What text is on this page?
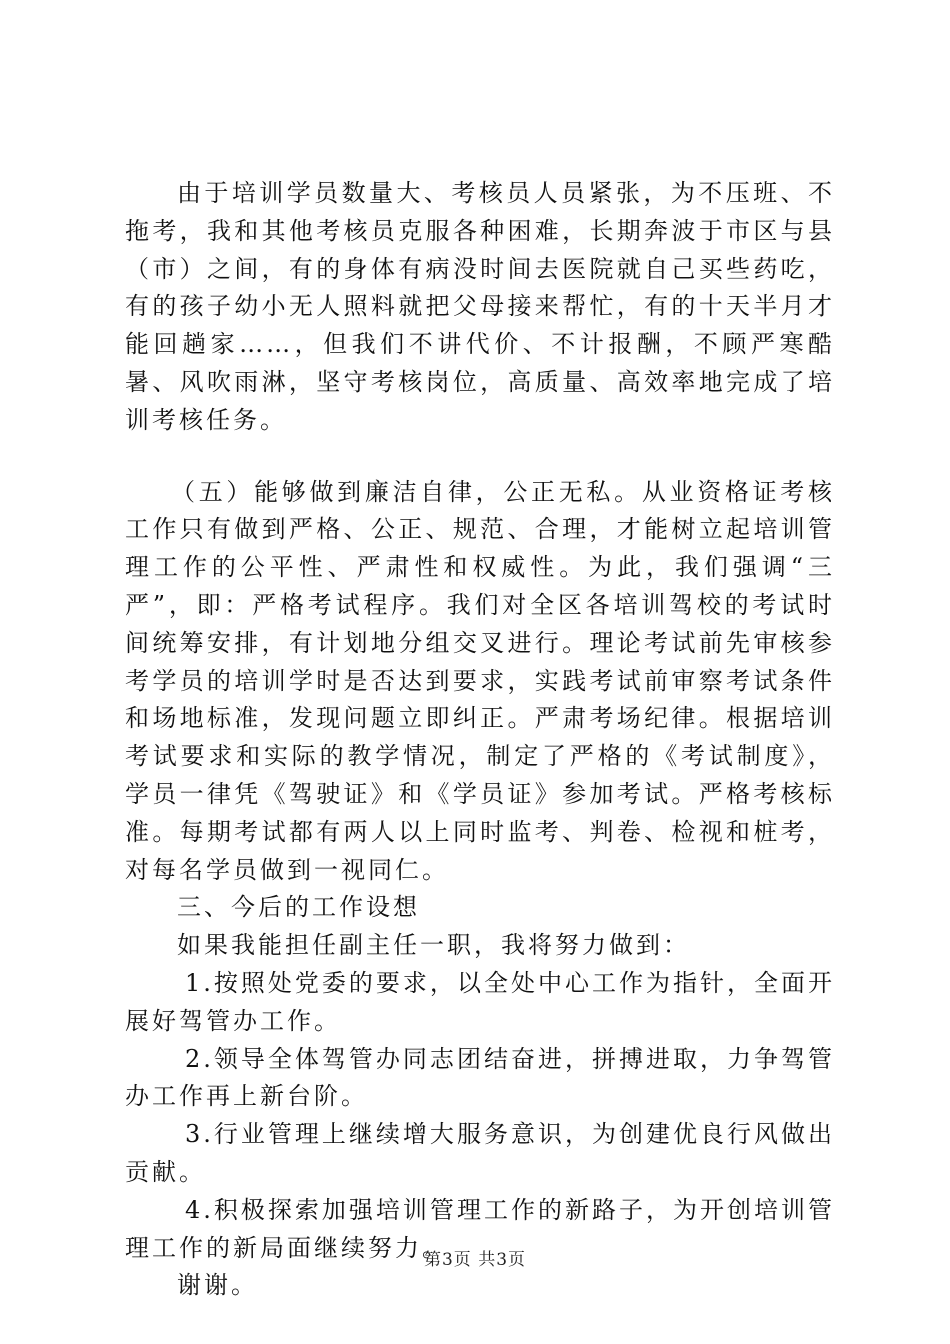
由于培训学员数量大、考核员人员紧张，为不压班、不拖考，我和其他考核员克服各种困难，长期奔波于市区与县（市）之间，有的身体有病没时间去医院就自己买些药吃，有的孩子幼小无人照料就把父母接来帮忙，有的十天半月才能回趟家……，但我们不讲代价、不计报酬，不顾严寒酷暑、风吹雨淋，坚守考核岗位，高质量、高效率地完成了培训考核任务。

（五）能够做到廉洁自律，公正无私。从业资格证考核工作只有做到严格、公正、规范、合理，才能树立起培训管理工作的公平性、严肃性和权威性。为此，我们强调“三严”，即：严格考试程序。我们对全区各培训驾校的考试时间统筹安排，有计划地分组交叉进行。理论考试前先审核参考学员的培训学时是否达到要求，实践考试前审察考试条件和场地标准，发现问题立即纠正。严肃考场纪律。根据培训考试要求和实际的教学情况，制定了严格的《考试制度》，学员一律凭《驾驶证》和《学员证》参加考试。严格考核标准。每期考试都有两人以上同时监考、判卷、检视和桩考，对每名学员做到一视同仁。

三、今后的工作设想

如果我能担任副主任一职，我将努力做到：

1.按照处党委的要求，以全处中心工作为指针，全面开展好驾管办工作。

2.领导全体驾管办同志团结奋进，拼搏进取，力争驾管办工作再上新台阶。

3.行业管理上继续增大服务意识，为创建优良行风做出贡献。

4.积极探索加强培训管理工作的新路子，为开创培训管理工作的新局面继续努力。

谢谢。

第3页 共3页
